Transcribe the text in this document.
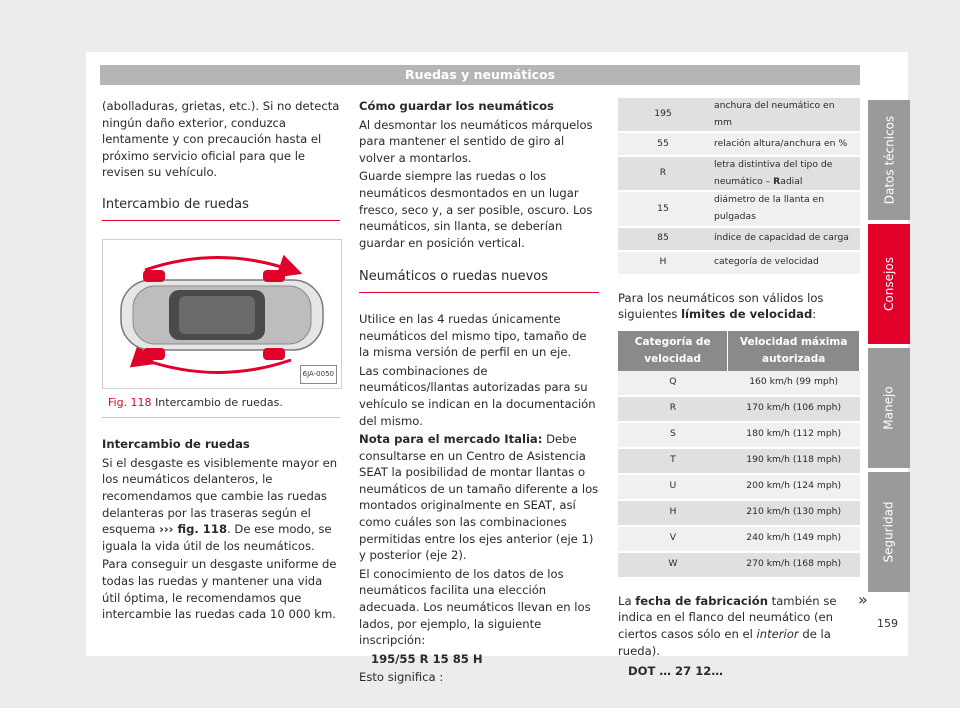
Ruedas y neumáticos

(abolladuras, grietas, etc.). Si no detecta ningún daño exterior, conduzca lentamente y con precaución hasta el próximo servicio oficial para que le revisen su vehículo.

Intercambio de ruedas
6JA-0050
Fig. 118 Intercambio de ruedas.

Intercambio de ruedas

Si el desgaste es visiblemente mayor en los neumáticos delanteros, le recomendamos que cambie las ruedas delanteras por las traseras según el esquema ››› fig. 118. De ese modo, se iguala la vida útil de los neumáticos.

Para conseguir un desgaste uniforme de todas las ruedas y mantener una vida útil óptima, le recomendamos que intercambie las ruedas cada 10 000 km.

Cómo guardar los neumáticos

Al desmontar los neumáticos márquelos para mantener el sentido de giro al volver a montarlos.

Guarde siempre las ruedas o los neumáticos desmontados en un lugar fresco, seco y, a ser posible, oscuro. Los neumáticos, sin llanta, se deberían guardar en posición vertical.

Neumáticos o ruedas nuevos

Utilice en las 4 ruedas únicamente neumáticos del mismo tipo, tamaño de la misma versión de perfil en un eje.

Las combinaciones de neumáticos/llantas autorizadas para su vehículo se indican en la documentación del mismo.

Nota para el mercado Italia: Debe consultarse en un Centro de Asistencia SEAT la posibilidad de montar llantas o neumáticos de un tamaño diferente a los montados originalmente en SEAT, así como cuáles son las combinaciones permitidas entre los ejes anterior (eje 1) y posterior (eje 2).

El conocimiento de los datos de los neumáticos facilita una elección adecuada. Los neumáticos llevan en los lados, por ejemplo, la siguiente inscripción:

195/55 R 15 85 H

Esto significa :

195	anchura del neumático en mm
55	relación altura/anchura en %
R	letra distintiva del tipo de neumático – Radial
15	diámetro de la llanta en pulgadas
85	índice de capacidad de carga
H	categoría de velocidad

Para los neumáticos son válidos los siguientes límites de velocidad:

Categoría de velocidad	Velocidad máxima autorizada
Q	160 km/h (99 mph)
R	170 km/h (106 mph)
S	180 km/h (112 mph)
T	190 km/h (118 mph)
U	200 km/h (124 mph)
H	210 km/h (130 mph)
V	240 km/h (149 mph)
W	270 km/h (168 mph)

La fecha de fabricación también se indica en el flanco del neumático (en ciertos casos sólo en el interior de la rueda).

DOT … 27 12…

»
Datos técnicos
Consejos
Manejo
Seguridad
159
